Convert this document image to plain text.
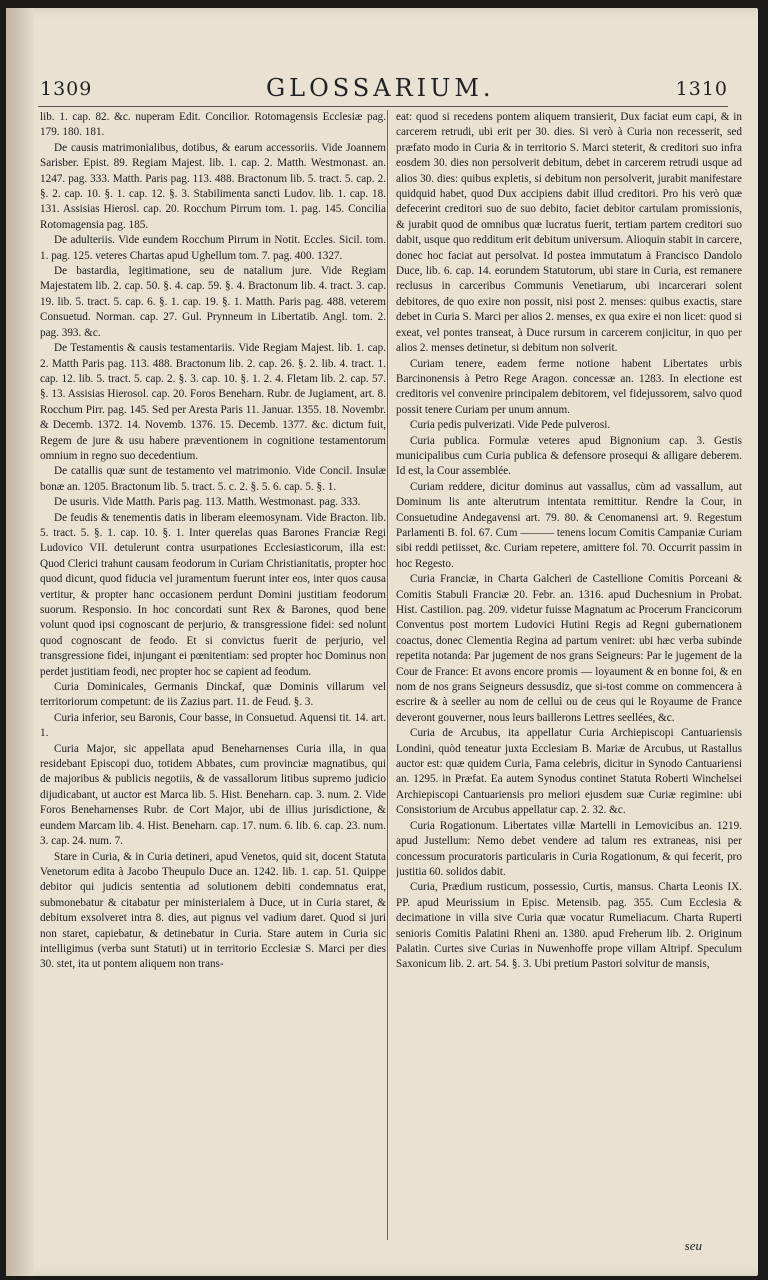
1309	GLOSSARIUM.	1310

lib. 1. cap. 82. &c. nuperam Edit. Concilior. Rotomagensis Ecclesiæ pag. 179. 180. 181.

De causis matrimonialibus, dotibus, & earum accessoriis. Vide Joannem Sarisber. Epist. 89. Regiam Majest. lib. 1. cap. 2. Matth. Westmonast. an. 1247. pag. 333. Matth. Paris pag. 113. 488. Bractonum lib. 5. tract. 5. cap. 2. §. 2. cap. 10. §. 1. cap. 12. §. 3. Stabilimenta sancti Ludov. lib. 1. cap. 18. 131. Assisias Hierosl. cap. 20. Rocchum Pirrum tom. 1. pag. 145. Concilia Rotomagensia pag. 185.

De adulteriis. Vide eundem Rocchum Pirrum in Notit. Eccles. Sicil. tom. 1. pag. 125. veteres Chartas apud Ughellum tom. 7. pag. 400. 1327.

De bastardia, legitimatione, seu de natalium jure. Vide Regiam Majestatem lib. 2. cap. 50. §. 4. cap. 59. §. 4. Bractonum lib. 4. tract. 3. cap. 19. lib. 5. tract. 5. cap. 6. §. 1. cap. 19. §. 1. Matth. Paris pag. 488. veterem Consuetud. Norman. cap. 27. Gul. Prynneum in Libertatib. Angl. tom. 2. pag. 393. &c.

De Testamentis & causis testamentariis. Vide Regiam Majest. lib. 1. cap. 2. Matth Paris pag. 113. 488. Bractonum lib. 2. cap. 26. §. 2. lib. 4. tract. 1. cap. 12. lib. 5. tract. 5. cap. 2. §. 3. cap. 10. §. 1. 2. 4. Fletam lib. 2. cap. 57. §. 13. Assisias Hierosol. cap. 20. Foros Beneharn. Rubr. de Jugiament, art. 8. Rocchum Pirr. pag. 145. Sed per Aresta Paris 11. Januar. 1355. 18. Novembr. & Decemb. 1372. 14. Novemb. 1376. 15. Decemb. 1377. &c. dictum fuit, Regem de jure & usu habere præventionem in cognitione testamentorum omnium in regno suo decedentium.

De catallis quæ sunt de testamento vel matrimonio. Vide Concil. Insulæ bonæ an. 1205. Bractonum lib. 5. tract. 5. c. 2. §. 5. 6. cap. 5. §. 1.

De usuris. Vide Matth. Paris pag. 113. Matth. Westmonast. pag. 333.

De feudis & tenementis datis in liberam eleemosynam. Vide Bracton. lib. 5. tract. 5. §. 1. cap. 10. §. 1. Inter querelas quas Barones Franciæ Regi Ludovico VII. detulerunt contra usurpationes Ecclesiasticorum, illa est: Quod Clerici trahunt causam feodorum in Curiam Christianitatis, propter hoc quod dicunt, quod fiducia vel juramentum fuerunt inter eos, inter quos causa vertitur, & propter hanc occasionem perdunt Domini justitiam feodorum suorum. Responsio. In hoc concordati sunt Rex & Barones, quod bene volunt quod ipsi cognoscant de perjurio, & transgressione fidei: sed nolunt quod cognoscant de feodo. Et si convictus fuerit de perjurio, vel transgressione fidei, injungant ei pœnitentiam: sed propter hoc Dominus non perdet justitiam feodi, nec propter hoc se capient ad feodum.

Curia Dominicales, Germanis Dinckaf, quæ Dominis villarum vel territoriorum competunt: de iis Zazius part. 11. de Feud. §. 3.

Curia inferior, seu Baronis, Cour basse, in Consuetud. Aquensi tit. 14. art. 1.

Curia Major, sic appellata apud Beneharnenses Curia illa, in qua residebant Episcopi duo, totidem Abbates, cum provinciæ magnatibus, qui de majoribus & publicis negotiis, & de vassallorum litibus supremo judicio dijudicabant, ut auctor est Marca lib. 5. Hist. Beneharn. cap. 3. num. 2. Vide Foros Beneharnenses Rubr. de Cort Major, ubi de illius jurisdictione, & eundem Marcam lib. 4. Hist. Beneharn. cap. 17. num. 6. lib. 6. cap. 23. num. 3. cap. 24. num. 7.

Stare in Curia, & in Curia detineri, apud Venetos, quid sit, docent Statuta Venetorum edita à Jacobo Theupulo Duce an. 1242. lib. 1. cap. 51. Quippe debitor qui judicis sententia ad solutionem debiti condemnatus erat, submonebatur & citabatur per ministerialem à Duce, ut in Curia staret, & debitum exsolveret intra 8. dies, aut pignus vel vadium daret. Quod si juri non staret, capiebatur, & detinebatur in Curia. Stare autem in Curia sic intelligimus (verba sunt Statuti) ut in territorio Ecclesiæ S. Marci per dies 30. stet, ita ut pontem aliquem non trans-

eat: quod si recedens pontem aliquem transierit, Dux faciat eum capi, & in carcerem retrudi, ubi erit per 30. dies. Si verò à Curia non recesserit, sed præfato modo in Curia & in territorio S. Marci steterit, & creditori suo infra eosdem 30. dies non persolverit debitum, debet in carcerem retrudi usque ad alios 30. dies: quibus expletis, si debitum non persolverit, jurabit manifestare quidquid habet, quod Dux accipiens dabit illud creditori. Pro his verò quæ defecerint creditori suo de suo debito, faciet debitor cartulam promissionis, & jurabit quod de omnibus quæ lucratus fuerit, tertiam partem creditori suo dabit, usque quo redditum erit debitum universum. Alioquin stabit in carcere, donec hoc faciat aut persolvat. Id postea immutatum à Francisco Dandolo Duce, lib. 6. cap. 14. eorundem Statutorum, ubi stare in Curia, est remanere reclusus in carceribus Communis Venetiarum, ubi incarcerari solent debitores, de quo exire non possit, nisi post 2. menses: quibus exactis, stare debet in Curia S. Marci per alios 2. menses, ex qua exire ei non licet: quod si exeat, vel pontes transeat, à Duce rursum in carcerem conjicitur, in quo per alios 2. menses detinetur, si debitum non solverit.

Curiam tenere, eadem ferme notione habent Libertates urbis Barcinonensis à Petro Rege Aragon. concessæ an. 1283. In electione est creditoris vel convenire principalem debitorem, vel fidejussorem, salvo quod possit tenere Curiam per unum annum.

Curia pedis pulverizati. Vide Pede pulverosi.

Curia publica. Formulæ veteres apud Bignonium cap. 3. Gestis municipalibus cum Curia publica & defensore prosequi & alligare deberem. Id est, la Cour assemblée.

Curiam reddere, dicitur dominus aut vassallus, cùm ad vassallum, aut Dominum lis ante alterutrum intentata remittitur. Rendre la Cour, in Consuetudine Andegavensi art. 79. 80. & Cenomanensi art. 9. Regestum Parlamenti B. fol. 67. Cum ——— tenens locum Comitis Campaniæ Curiam sibi reddi petiisset, &c. Curiam repetere, amittere fol. 70. Occurrit passim in hoc Regesto.

Curia Franciæ, in Charta Galcheri de Castellione Comitis Porceani & Comitis Stabuli Franciæ 20. Febr. an. 1316. apud Duchesnium in Probat. Hist. Castilion. pag. 209. videtur fuisse Magnatum ac Procerum Francicorum Conventus post mortem Ludovici Hutini Regis ad Regni gubernationem coactus, donec Clementia Regina ad partum veniret: ubi hæc verba subinde repetita notanda: Par jugement de nos grans Seigneurs: Par le jugement de la Cour de France: Et avons encore promis — loyaument & en bonne foi, & en nom de nos grans Seigneurs dessusdiz, que si-tost comme on commencera à escrire & à seeller au nom de celluì ou de ceus qui le Royaume de France deveront gouverner, nous leurs baillerons Lettres seellées, &c.

Curia de Arcubus, ita appellatur Curia Archiepiscopi Cantuariensis Londini, quòd teneatur juxta Ecclesiam B. Mariæ de Arcubus, ut Rastallus auctor est: quæ quidem Curia, Fama celebris, dicitur in Synodo Cantuariensi an. 1295. in Præfat. Ea autem Synodus continet Statuta Roberti Winchelsei Archiepiscopi Cantuariensis pro meliori ejusdem suæ Curiæ regimine: ubi Consistorium de Arcubus appellatur cap. 2. 32. &c.

Curia Rogationum. Libertates villæ Martelli in Lemovicibus an. 1219. apud Justellum: Nemo debet vendere ad talum res extraneas, nisi per concessum procuratoris particularis in Curia Rogationum, & qui fecerit, pro justitia 60. solidos dabit.

Curia, Prædium rusticum, possessio, Curtis, mansus. Charta Leonis IX. PP. apud Meurissium in Episc. Metensib. pag. 355. Cum Ecclesia & decimatione in villa sive Curia quæ vocatur Rumeliacum. Charta Ruperti senioris Comitis Palatini Rheni an. 1380. apud Freherum lib. 2. Originum Palatin. Curtes sive Curias in Nuwenhoffe prope villam Altripf. Speculum Saxonicum lib. 2. art. 54. §. 3. Ubi pretium Pastori solvitur de mansis,

seu
